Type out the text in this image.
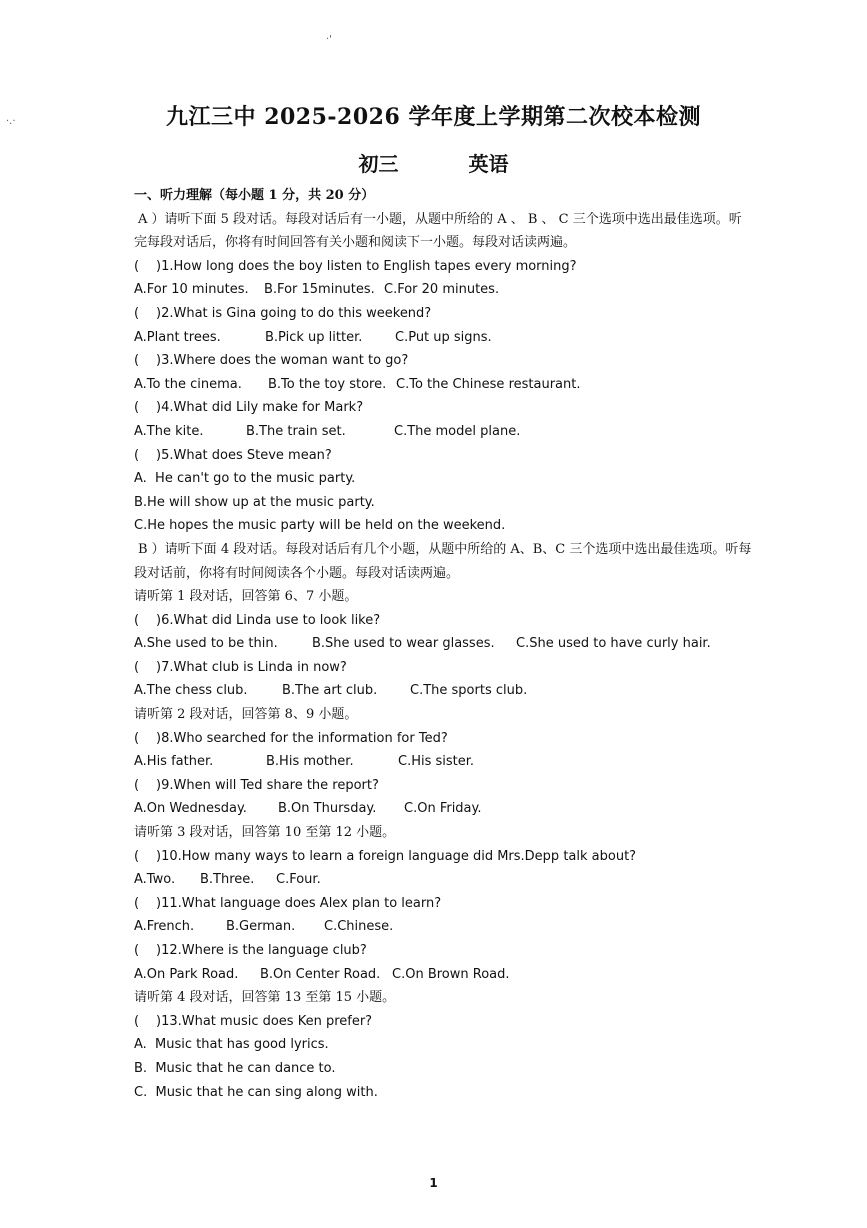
·'
·.·	九江三中 2025-2026 学年度上学期第二次校本检测
初三	英语
一、听力理解（每小题 1 分，共 20 分）
A ）请听下面 5 段对话。每段对话后有一小题，从题中所给的 A 、 B 、 C 三个选项中选出最佳选项。听完每段对话后，你将有时间回答有关小题和阅读下一小题。每段对话读两遍。
( )1.How long does the boy listen to English tapes every morning?
A.For 10 minutes. B.For 15minutes. C.For 20 minutes.
( )2.What is Gina going to do this weekend?
A.Plant trees.	B.Pick up litter.	C.Put up signs.
( )3.Where does the woman want to go?
A.To the cinema. B.To the toy store. C.To the Chinese restaurant.
( )4.What did Lily make for Mark?
A.The kite.	B.The train set.	C.The model plane.
( )5.What does Steve mean?
A.  He can't go to the music party.
B.He will show up at the music party.
C.He hopes the music party will be held on the weekend.
B ）请听下面 4 段对话。每段对话后有几个小题，从题中所给的 A、B、C 三个选项中选出最佳选项。听每段对话前，你将有时间阅读各个小题。每段对话读两遍。
请听第 1 段对话，回答第 6、7 小题。
( )6.What did Linda use to look like?
A.She used to be thin.	B.She used to wear glasses. C.She used to have curly hair.
( )7.What club is Linda in now?
A.The chess club.	B.The art club.	C.The sports club.
请听第 2 段对话，回答第 8、9 小题。
( )8.Who searched for the information for Ted?
A.His father.	B.His mother.	C.His sister.
( )9.When will Ted share the report?
A.On Wednesday. B.On Thursday. C.On Friday.
请听第 3 段对话，回答第 10 至第 12 小题。
( )10.How many ways to learn a foreign language did Mrs.Depp talk about?
A.Two. B.Three. C.Four.
( )11.What language does Alex plan to learn?
A.French. B.German. C.Chinese.
( )12.Where is the language club?
A.On Park Road. B.On Center Road. C.On Brown Road.
请听第 4 段对话，回答第 13 至第 15 小题。
( )13.What music does Ken prefer?
A.  Music that has good lyrics.
B.  Music that he can dance to.
C.  Music that he can sing along with.
1
